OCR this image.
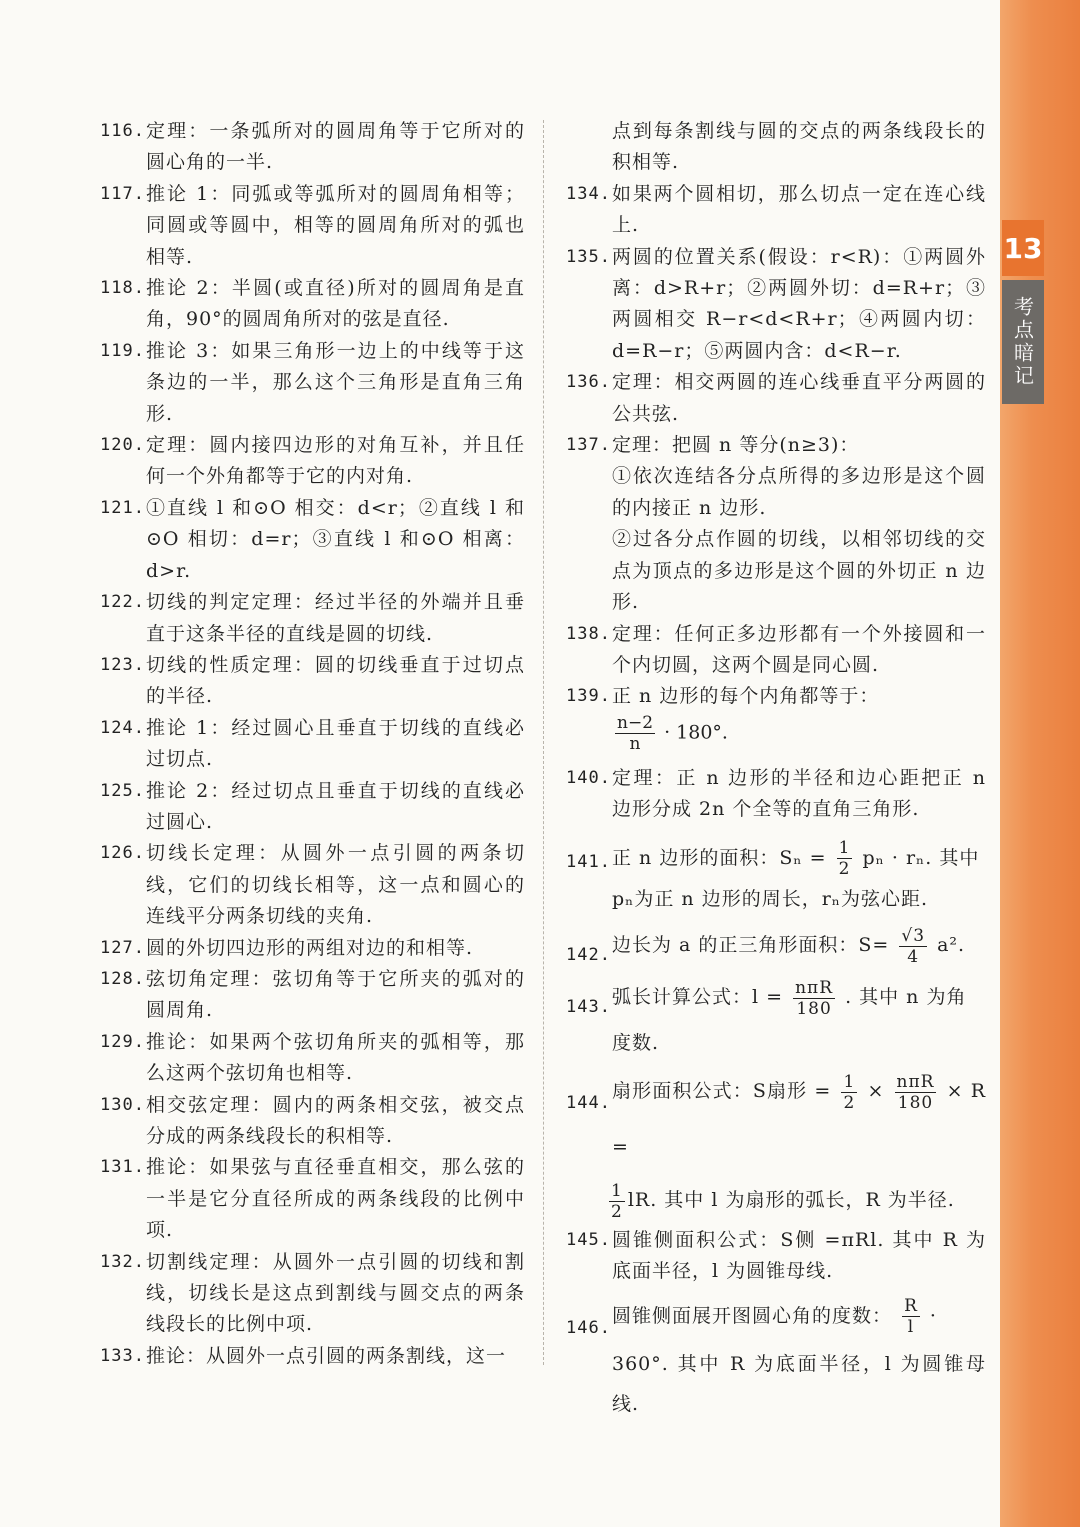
13
考点暗记
116. 定理：一条弧所对的圆周角等于它所对的圆心角的一半.
117. 推论 1：同弧或等弧所对的圆周角相等；同圆或等圆中，相等的圆周角所对的弧也相等.
118. 推论 2：半圆(或直径)所对的圆周角是直角，90°的圆周角所对的弦是直径.
119. 推论 3：如果三角形一边上的中线等于这条边的一半，那么这个三角形是直角三角形.
120. 定理：圆内接四边形的对角互补，并且任何一个外角都等于它的内对角.
121. ①直线 l 和⊙O 相交：d<r；②直线 l 和⊙O 相切：d=r；③直线 l 和⊙O 相离：d>r.
122. 切线的判定定理：经过半径的外端并且垂直于这条半径的直线是圆的切线.
123. 切线的性质定理：圆的切线垂直于过切点的半径.
124. 推论 1：经过圆心且垂直于切线的直线必过切点.
125. 推论 2：经过切点且垂直于切线的直线必过圆心.
126. 切线长定理：从圆外一点引圆的两条切线，它们的切线长相等，这一点和圆心的连线平分两条切线的夹角.
127. 圆的外切四边形的两组对边的和相等.
128. 弦切角定理：弦切角等于它所夹的弧对的圆周角.
129. 推论：如果两个弦切角所夹的弧相等，那么这两个弦切角也相等.
130. 相交弦定理：圆内的两条相交弦，被交点分成的两条线段长的积相等.
131. 推论：如果弦与直径垂直相交，那么弦的一半是它分直径所成的两条线段的比例中项.
132. 切割线定理：从圆外一点引圆的切线和割线，切线长是这点到割线与圆交点的两条线段长的比例中项.
133. 推论：从圆外一点引圆的两条割线，这一
点到每条割线与圆的交点的两条线段长的积相等.
134. 如果两个圆相切，那么切点一定在连心线上.
135. 两圆的位置关系(假设：r<R)：①两圆外离：d>R+r；②两圆外切：d=R+r；③两圆相交 R−r<d<R+r；④两圆内切：d=R−r；⑤两圆内含：d<R−r.
136. 定理：相交两圆的连心线垂直平分两圆的公共弦.
137. 定理：把圆 n 等分(n≥3)：
①依次连结各分点所得的多边形是这个圆的内接正 n 边形.
②过各分点作圆的切线，以相邻切线的交点为顶点的多边形是这个圆的外切正 n 边形.
138. 定理：任何正多边形都有一个外接圆和一个内切圆，这两个圆是同心圆.
139. 正 n 边形的每个内角都等于：
$\frac{n-2}{n} \cdot 180^\circ$.
140. 定理：正 n 边形的半径和边心距把正 n 边形分成 2n 个全等的直角三角形.
141. 正 n 边形的面积：$S_n = \frac{1}{2}$ pₙ · rₙ. 其中
pₙ为正 n 边形的周长，rₙ为弦心距.
142. 边长为 a 的正三角形面积：$S= \frac{√3}{4} a^2$.
143. 弧长计算公式：$l = \frac{\text{nπR}}{180}$ . 其中 n 为角
度数.
144.
扇形面积公式：S扇形 = $\frac{1}{2} \times \frac{\text{nπR}}{180} \times R$ =
$\frac{1}{2}$ lR. 其中 l 为扇形的弧长，R 为半径.
145. 圆锥侧面积公式：S侧 =πRl. 其中 R 为底面半径，l 为圆锥母线.
146.
圆锥侧面展开图圆心角的度数： $\frac{R}{l}$ ·
360°. 其中 R 为底面半径，l 为圆锥母线.
